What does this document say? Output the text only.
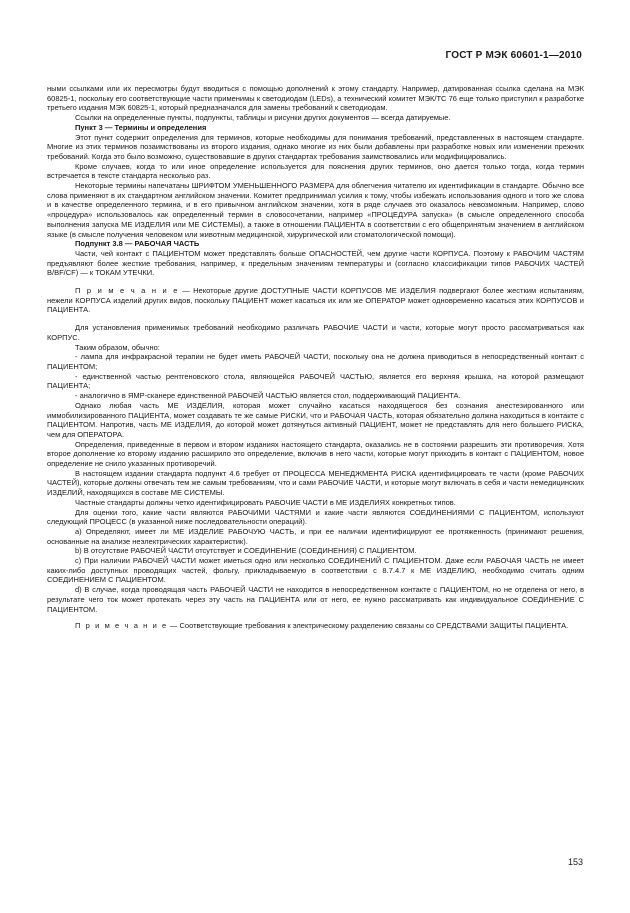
ГОСТ Р МЭК 60601-1—2010

ными ссылками или их пересмотры будут вводиться с помощью дополнений к этому стандарту. Например, датированная ссылка сделана на МЭК 60825-1, поскольку его соответствующие части применимы к светодиодам (LEDs), а технический комитет МЭК/ТС 76 еще только приступил к разработке третьего издания МЭК 60825-1, который предназначался для замены требований к светодиодам.

Ссылки на определенные пункты, подпункты, таблицы и рисунки других документов — всегда датируемые.

Пункт 3 — Термины и определения

Этот пункт содержит определения для терминов, которые необходимы для понимания требований, представленных в настоящем стандарте. Многие из этих терминов позаимствованы из второго издания, однако многие из них были добавлены при разработке новых или изменении прежних требований. Когда это было возможно, существовавшие в других стандартах требования заимствовались или модифицировались.

Кроме случаев, когда то или иное определение используется для пояснения других терминов, оно дается только тогда, когда термин встречается в тексте стандарта несколько раз.

Некоторые термины напечатаны ШРИФТОМ УМЕНЬШЕННОГО РАЗМЕРА для облегчения читателю их идентификации в стандарте. Обычно все слова применяют в их стандартном английском значении. Комитет предпринимал усилия к тому, чтобы избежать использования одного и того же слова и в качестве определенного термина, и в его привычном английском значении, хотя в ряде случаев это оказалось невозможным. Например, слово «процедура» использовалось как определенный термин в словосочетании, например «ПРОЦЕДУРА запуска» (в смысле определенного способа выполнения запуска МЕ ИЗДЕЛИЯ или МЕ СИСТЕМЫ), а также в отношении ПАЦИЕНТА в соответствии с его общепринятым значением в английском языке (в смысле получения человеком или животным медицинской, хирургической или стоматологической помощи).

Подпункт 3.8 — РАБОЧАЯ ЧАСТЬ

Части, чей контакт с ПАЦИЕНТОМ может представлять больше ОПАСНОСТЕЙ, чем другие части КОРПУСА. Поэтому к РАБОЧИМ ЧАСТЯМ предъявляют более жесткие требования, например, к предельным значениям температуры и (согласно классификации типов РАБОЧИХ ЧАСТЕЙ B/BF/CF) — к ТОКАМ УТЕЧКИ.

П р и м е ч а н и е — Некоторые другие ДОСТУПНЫЕ ЧАСТИ КОРПУСОВ МЕ ИЗДЕЛИЯ подвергают более жестким испытаниям, нежели КОРПУСА изделий других видов, поскольку ПАЦИЕНТ может касаться их или же ОПЕРАТОР может одновременно касаться этих КОРПУСОВ и ПАЦИЕНТА.

Для установления применимых требований необходимо различать РАБОЧИЕ ЧАСТИ и части, которые могут просто рассматриваться как КОРПУС.

Таким образом, обычно:

- лампа для инфракрасной терапии не будет иметь РАБОЧЕЙ ЧАСТИ, поскольку она не должна приводиться в непосредственный контакт с ПАЦИЕНТОМ;

- единственной частью рентгеновского стола, являющейся РАБОЧЕЙ ЧАСТЬЮ, является его верхняя крышка, на которой размещают ПАЦИЕНТА;

- аналогично в ЯМР-сканере единственной РАБОЧЕЙ ЧАСТЬЮ является стол, поддерживающий ПАЦИЕНТА.

Однако любая часть МЕ ИЗДЕЛИЯ, которая может случайно касаться находящегося без сознания анестезированного или иммобилизированного ПАЦИЕНТА, может создавать те же самые РИСКИ, что и РАБОЧАЯ ЧАСТЬ, которая обязательно должна находиться в контакте с ПАЦИЕНТОМ. Напротив, часть МЕ ИЗДЕЛИЯ, до которой может дотянуться активный ПАЦИЕНТ, может не представлять для него большего РИСКА, чем для ОПЕРАТОРА.

Определения, приведенные в первом и втором изданиях настоящего стандарта, оказались не в состоянии разрешить эти противоречия. Хотя второе дополнение ко второму изданию расширило это определение, включив в него части, которые могут приходить в контакт с ПАЦИЕНТОМ, новое определение не снило указанных противоречий.

В настоящем издании стандарта подпункт 4.6 требует от ПРОЦЕССА МЕНЕДЖМЕНТА РИСКА идентифицировать те части (кроме РАБОЧИХ ЧАСТЕЙ), которые должны отвечать тем же самым требованиям, что и сами РАБОЧИЕ ЧАСТИ, и которые могут включать в себя и части немедицинских ИЗДЕЛИЙ, находящихся в составе МЕ СИСТЕМЫ.

Частные стандарты должны четко идентифицировать РАБОЧИЕ ЧАСТИ в МЕ ИЗДЕЛИЯХ конкретных типов.

Для оценки того, какие части являются РАБОЧИМИ ЧАСТЯМИ и какие части являются СОЕДИНЕНИЯМИ С ПАЦИЕНТОМ, используют следующий ПРОЦЕСС (в указанной ниже последовательности операций).

a) Определяют, имеет ли МЕ ИЗДЕЛИЕ РАБОЧУЮ ЧАСТЬ, и при ее наличии идентифицируют ее протяженность (принимают решения, основанные на анализе неэлектрических характеристик).

b) В отсутствие РАБОЧЕЙ ЧАСТИ отсутствует и СОЕДИНЕНИЕ (СОЕДИНЕНИЯ) С ПАЦИЕНТОМ.

c) При наличии РАБОЧЕЙ ЧАСТИ может иметься одно или несколько СОЕДИНЕНИЙ С ПАЦИЕНТОМ. Даже если РАБОЧАЯ ЧАСТЬ не имеет каких-либо доступных проводящих частей, фольгу, прикладываемую в соответствии с 8.7.4.7 к МЕ ИЗДЕЛИЮ, необходимо считать одним СОЕДИНЕНИЕМ С ПАЦИЕНТОМ.

d) В случае, когда проводящая часть РАБОЧЕЙ ЧАСТИ не находится в непосредственном контакте с ПАЦИЕНТОМ, но не отделена от него, в результате чего ток может протекать через эту часть на ПАЦИЕНТА или от него, ее нужно рассматривать как индивидуальное СОЕДИНЕНИЕ С ПАЦИЕНТОМ.

П р и м е ч а н и е — Соответствующие требования к электрическому разделению связаны со СРЕДСТВАМИ ЗАЩИТЫ ПАЦИЕНТА.

153
